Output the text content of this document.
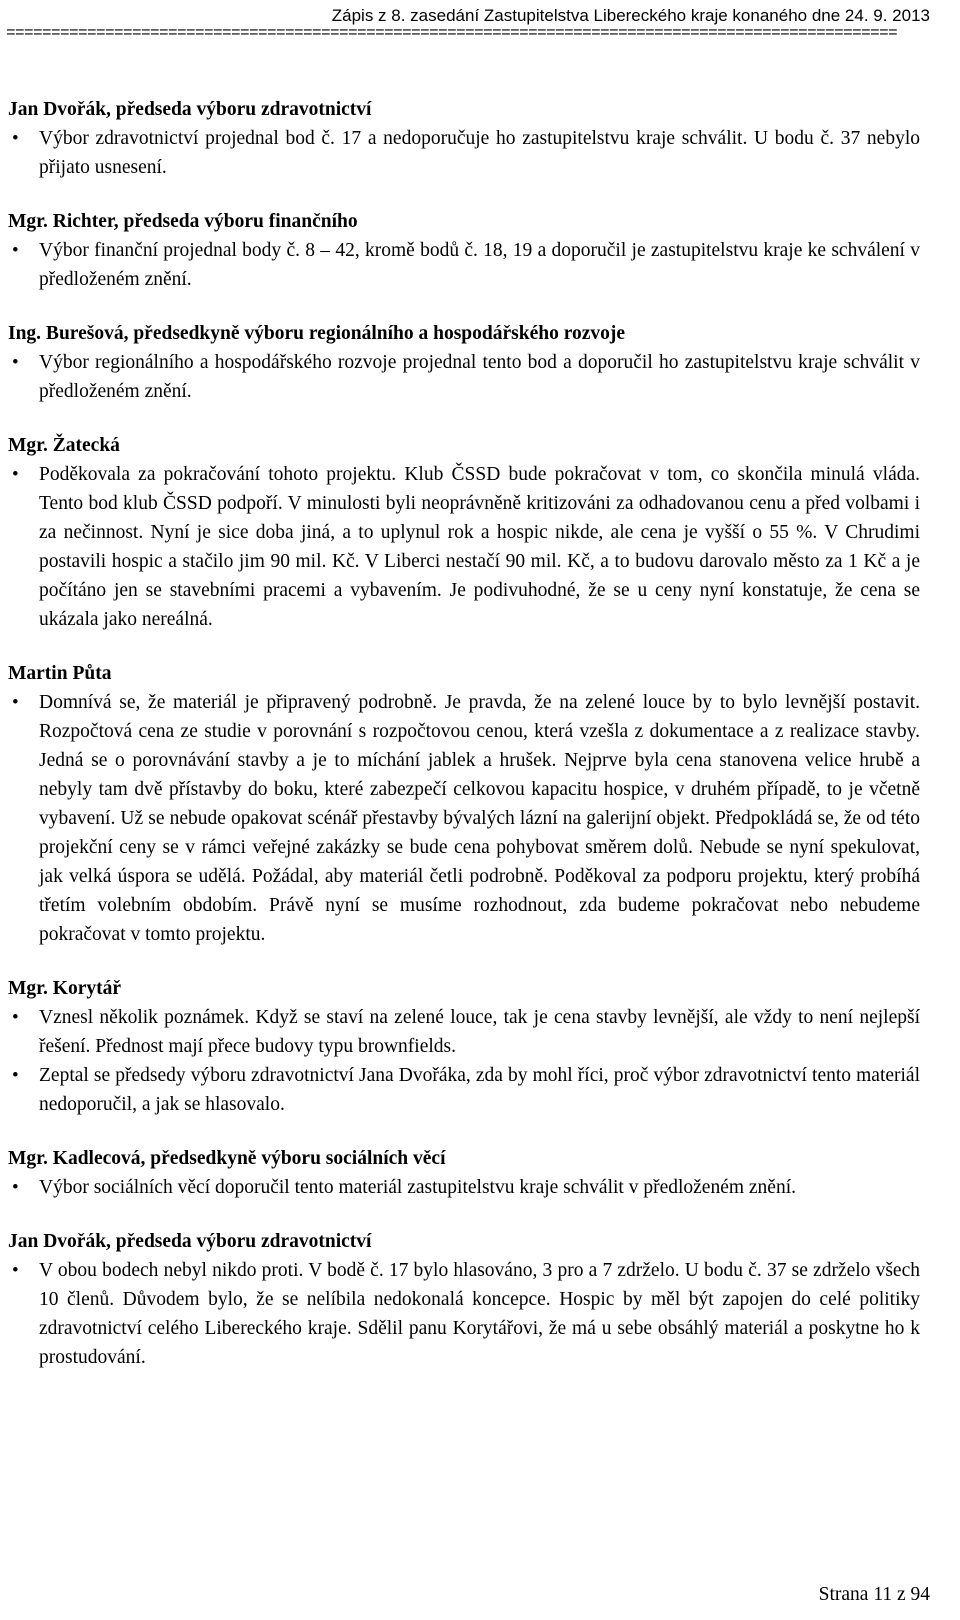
Zápis z 8. zasedání Zastupitelstva Libereckého kraje konaného dne 24. 9. 2013
===================================================================================================

Jan Dvořák, předseda výboru zdravotnictví

• Výbor zdravotnictví projednal bod č. 17 a nedoporučuje ho zastupitelstvu kraje schválit. U bodu č. 37 nebylo přijato usnesení.

Mgr. Richter, předseda výboru finančního

• Výbor finanční projednal body č. 8 – 42, kromě bodů č. 18, 19 a doporučil je zastupitelstvu kraje ke schválení v předloženém znění.

Ing. Burešová, předsedkyně výboru regionálního a hospodářského rozvoje

• Výbor regionálního a hospodářského rozvoje projednal tento bod a doporučil ho zastupitelstvu kraje schválit v předloženém znění.

Mgr. Žatecká

• Poděkovala za pokračování tohoto projektu. Klub ČSSD bude pokračovat v tom, co skončila minulá vláda. Tento bod klub ČSSD podpoří. V minulosti byli neoprávněně kritizováni za odhadovanou cenu a před volbami i za nečinnost. Nyní je sice doba jiná, a to uplynul rok a hospic nikde, ale cena je vyšší o 55 %. V Chrudimi postavili hospic a stačilo jim 90 mil. Kč. V Liberci nestačí 90 mil. Kč, a to budovu darovalo město za 1 Kč a je počítáno jen se stavebními pracemi a vybavením. Je podivuhodné, že se u ceny nyní konstatuje, že cena se ukázala jako nereálná.

Martin Půta

• Domnívá se, že materiál je připravený podrobně. Je pravda, že na zelené louce by to bylo levnější postavit. Rozpočtová cena ze studie v porovnání s rozpočtovou cenou, která vzešla z dokumentace a z realizace stavby. Jedná se o porovnávání stavby a je to míchání jablek a hrušek. Nejprve byla cena stanovena velice hrubě a nebyly tam dvě přístavby do boku, které zabezpečí celkovou kapacitu hospice, v druhém případě, to je včetně vybavení. Už se nebude opakovat scénář přestavby bývalých lázní na galerijní objekt. Předpokládá se, že od této projekční ceny se v rámci veřejné zakázky se bude cena pohybovat směrem dolů. Nebude se nyní spekulovat, jak velká úspora se udělá. Požádal, aby materiál četli podrobně. Poděkoval za podporu projektu, který probíhá třetím volebním obdobím. Právě nyní se musíme rozhodnout, zda budeme pokračovat nebo nebudeme pokračovat v tomto projektu.

Mgr. Korytář

• Vznesl několik poznámek. Když se staví na zelené louce, tak je cena stavby levnější, ale vždy to není nejlepší řešení. Přednost mají přece budovy typu brownfields.
• Zeptal se předsedy výboru zdravotnictví Jana Dvořáka, zda by mohl říci, proč výbor zdravotnictví tento materiál nedoporučil, a jak se hlasovalo.

Mgr. Kadlecová, předsedkyně výboru sociálních věcí

• Výbor sociálních věcí doporučil tento materiál zastupitelstvu kraje schválit v předloženém znění.

Jan Dvořák, předseda výboru zdravotnictví

• V obou bodech nebyl nikdo proti. V bodě č. 17 bylo hlasováno, 3 pro a 7 zdrželo. U bodu č. 37 se zdrželo všech 10 členů. Důvodem bylo, že se nelíbila nedokonalá koncepce. Hospic by měl být zapojen do celé politiky zdravotnictví celého Libereckého kraje. Sdělil panu Korytářovi, že má u sebe obsáhlý materiál a poskytne ho k prostudování.
Strana 11 z 94
